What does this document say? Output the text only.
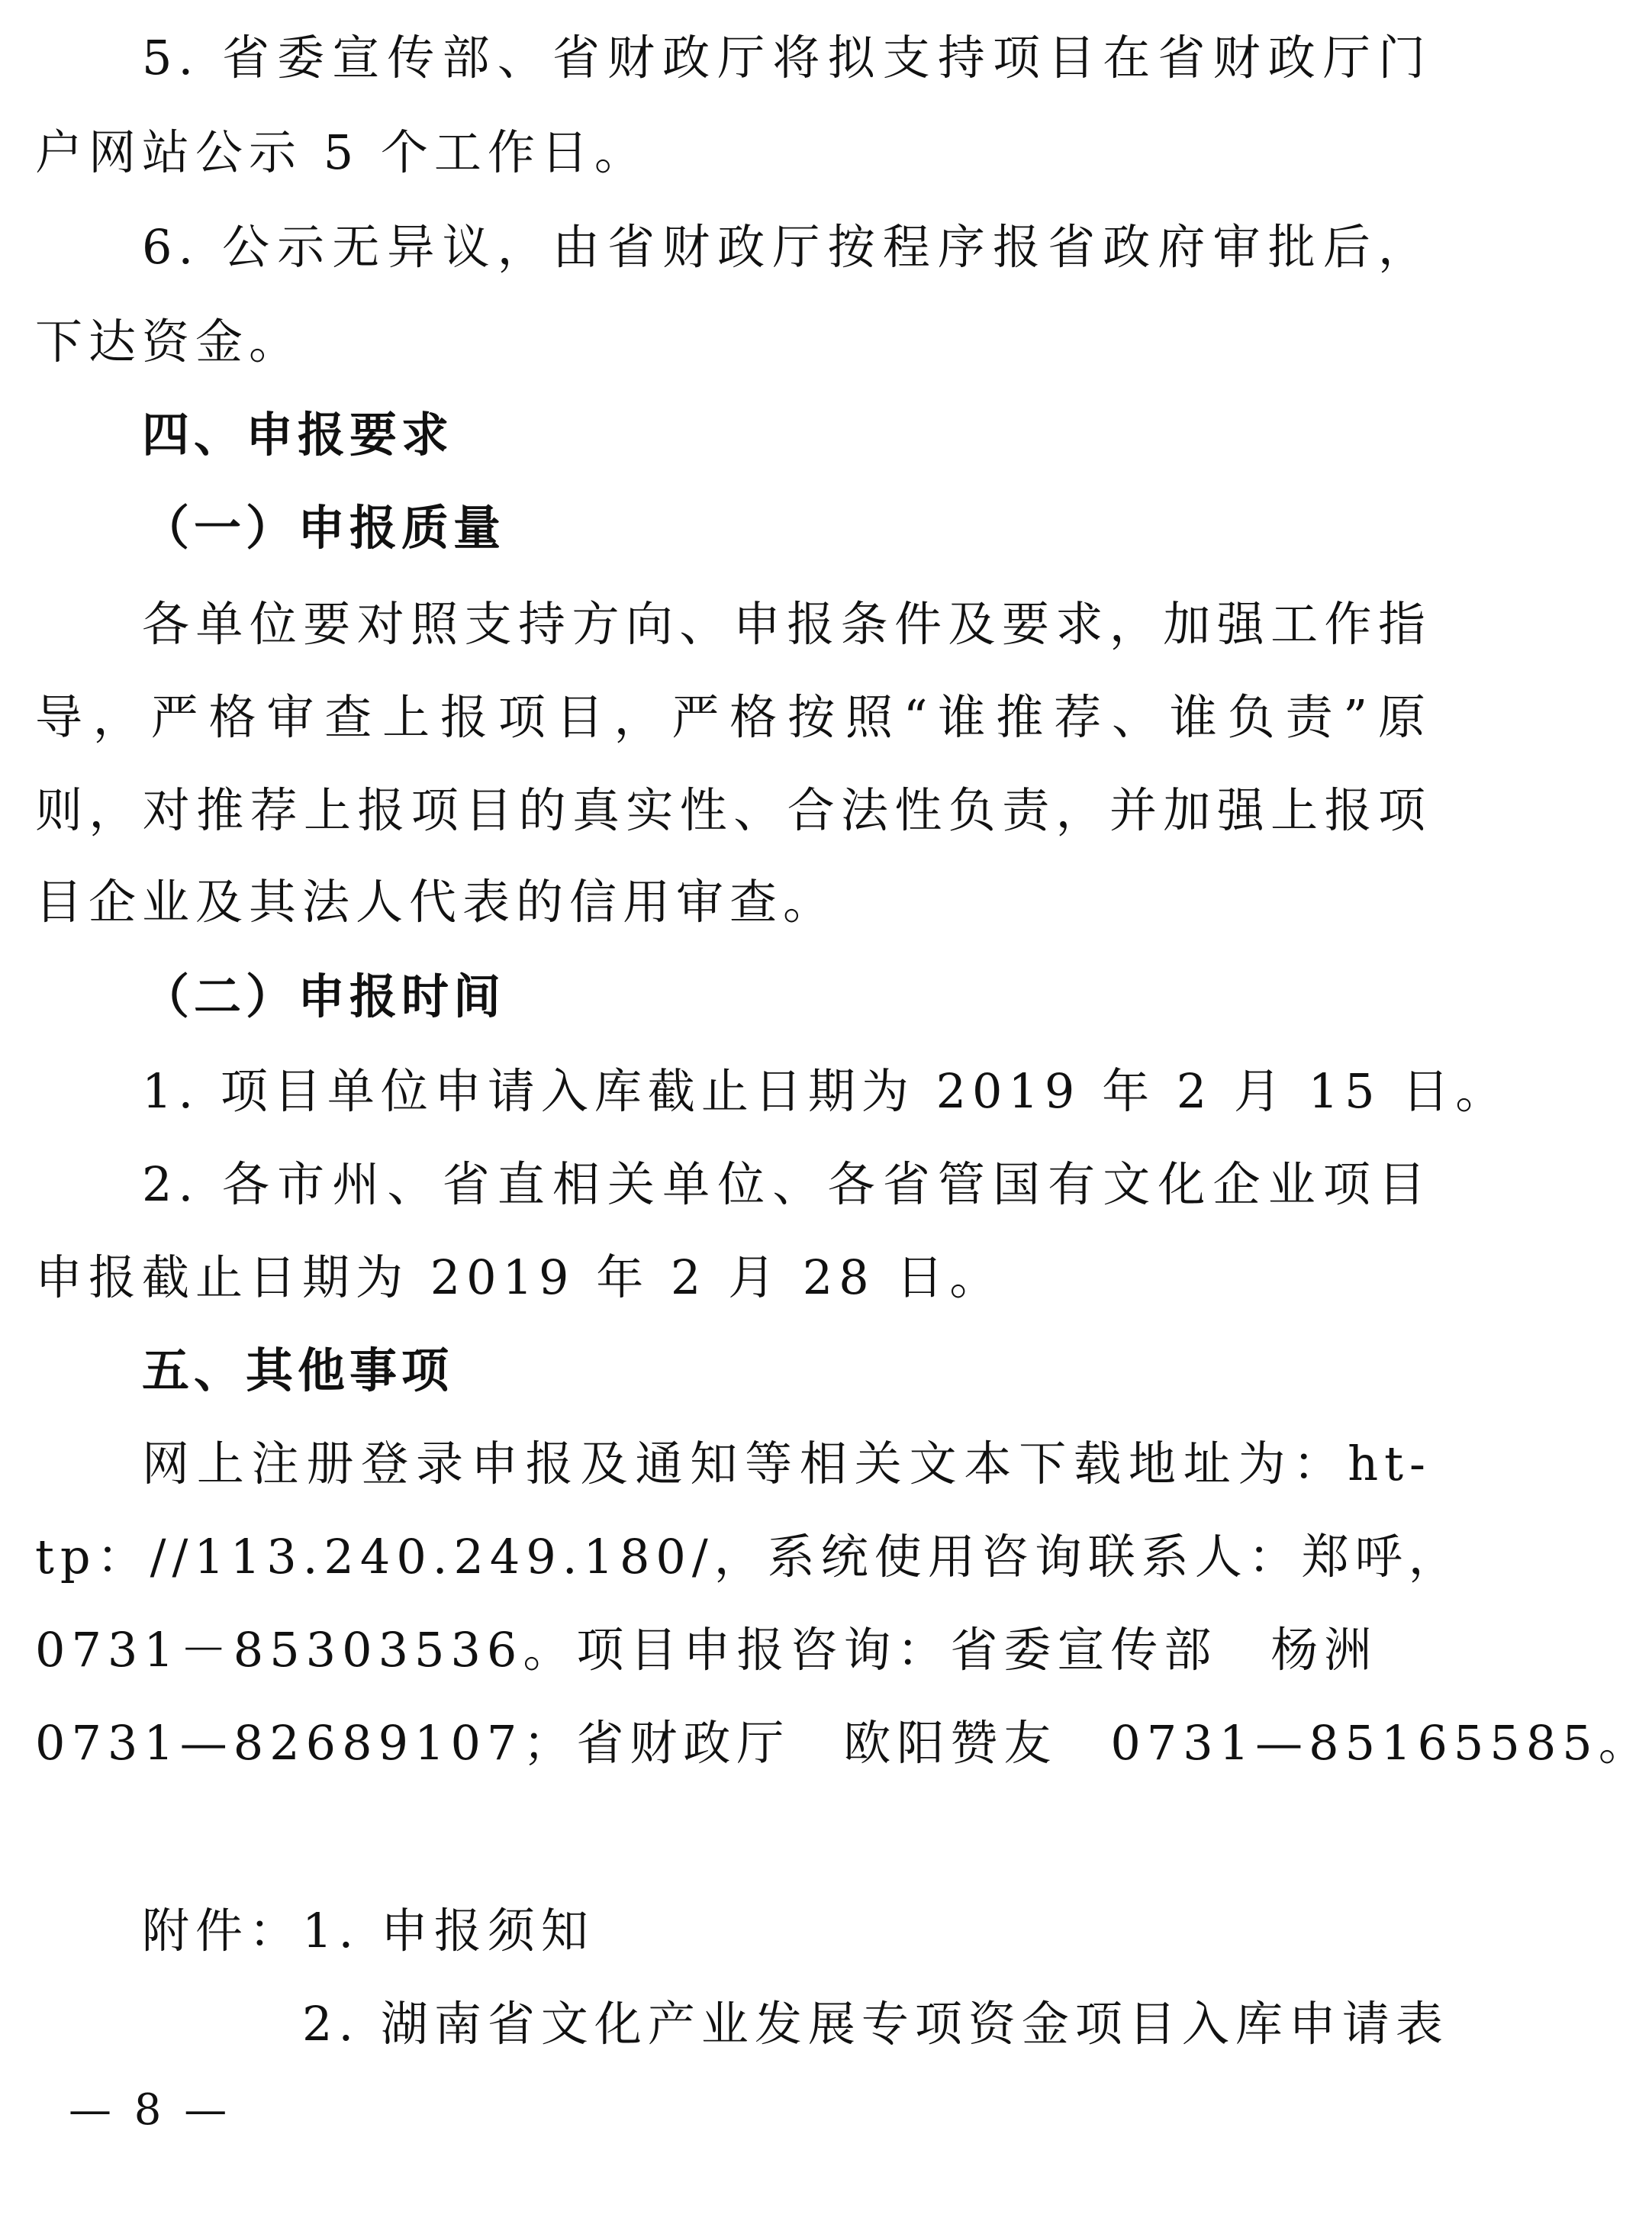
5. 省委宣传部、省财政厅将拟支持项目在省财政厅门
户网站公示 5 个工作日。
6. 公示无异议，由省财政厅按程序报省政府审批后，
下达资金。
四、申报要求
（一）申报质量
各单位要对照支持方向、申报条件及要求，加强工作指
导，严格审查上报项目，严格按照“谁推荐、谁负责”原
则，对推荐上报项目的真实性、合法性负责，并加强上报项
目企业及其法人代表的信用审查。
（二）申报时间
1. 项目单位申请入库截止日期为 2019 年 2 月 15 日。
2. 各市州、省直相关单位、各省管国有文化企业项目
申报截止日期为 2019 年 2 月 28 日。
五、其他事项
网上注册登录申报及通知等相关文本下载地址为：ht-
tp：//113.240.249.180/，系统使用咨询联系人：郑呼，
0731－85303536。项目申报咨询：省委宣传部　杨洲
0731—82689107；省财政厅　欧阳赞友　0731—85165585。
附件：1. 申报须知
2. 湖南省文化产业发展专项资金项目入库申请表
— 8 —
